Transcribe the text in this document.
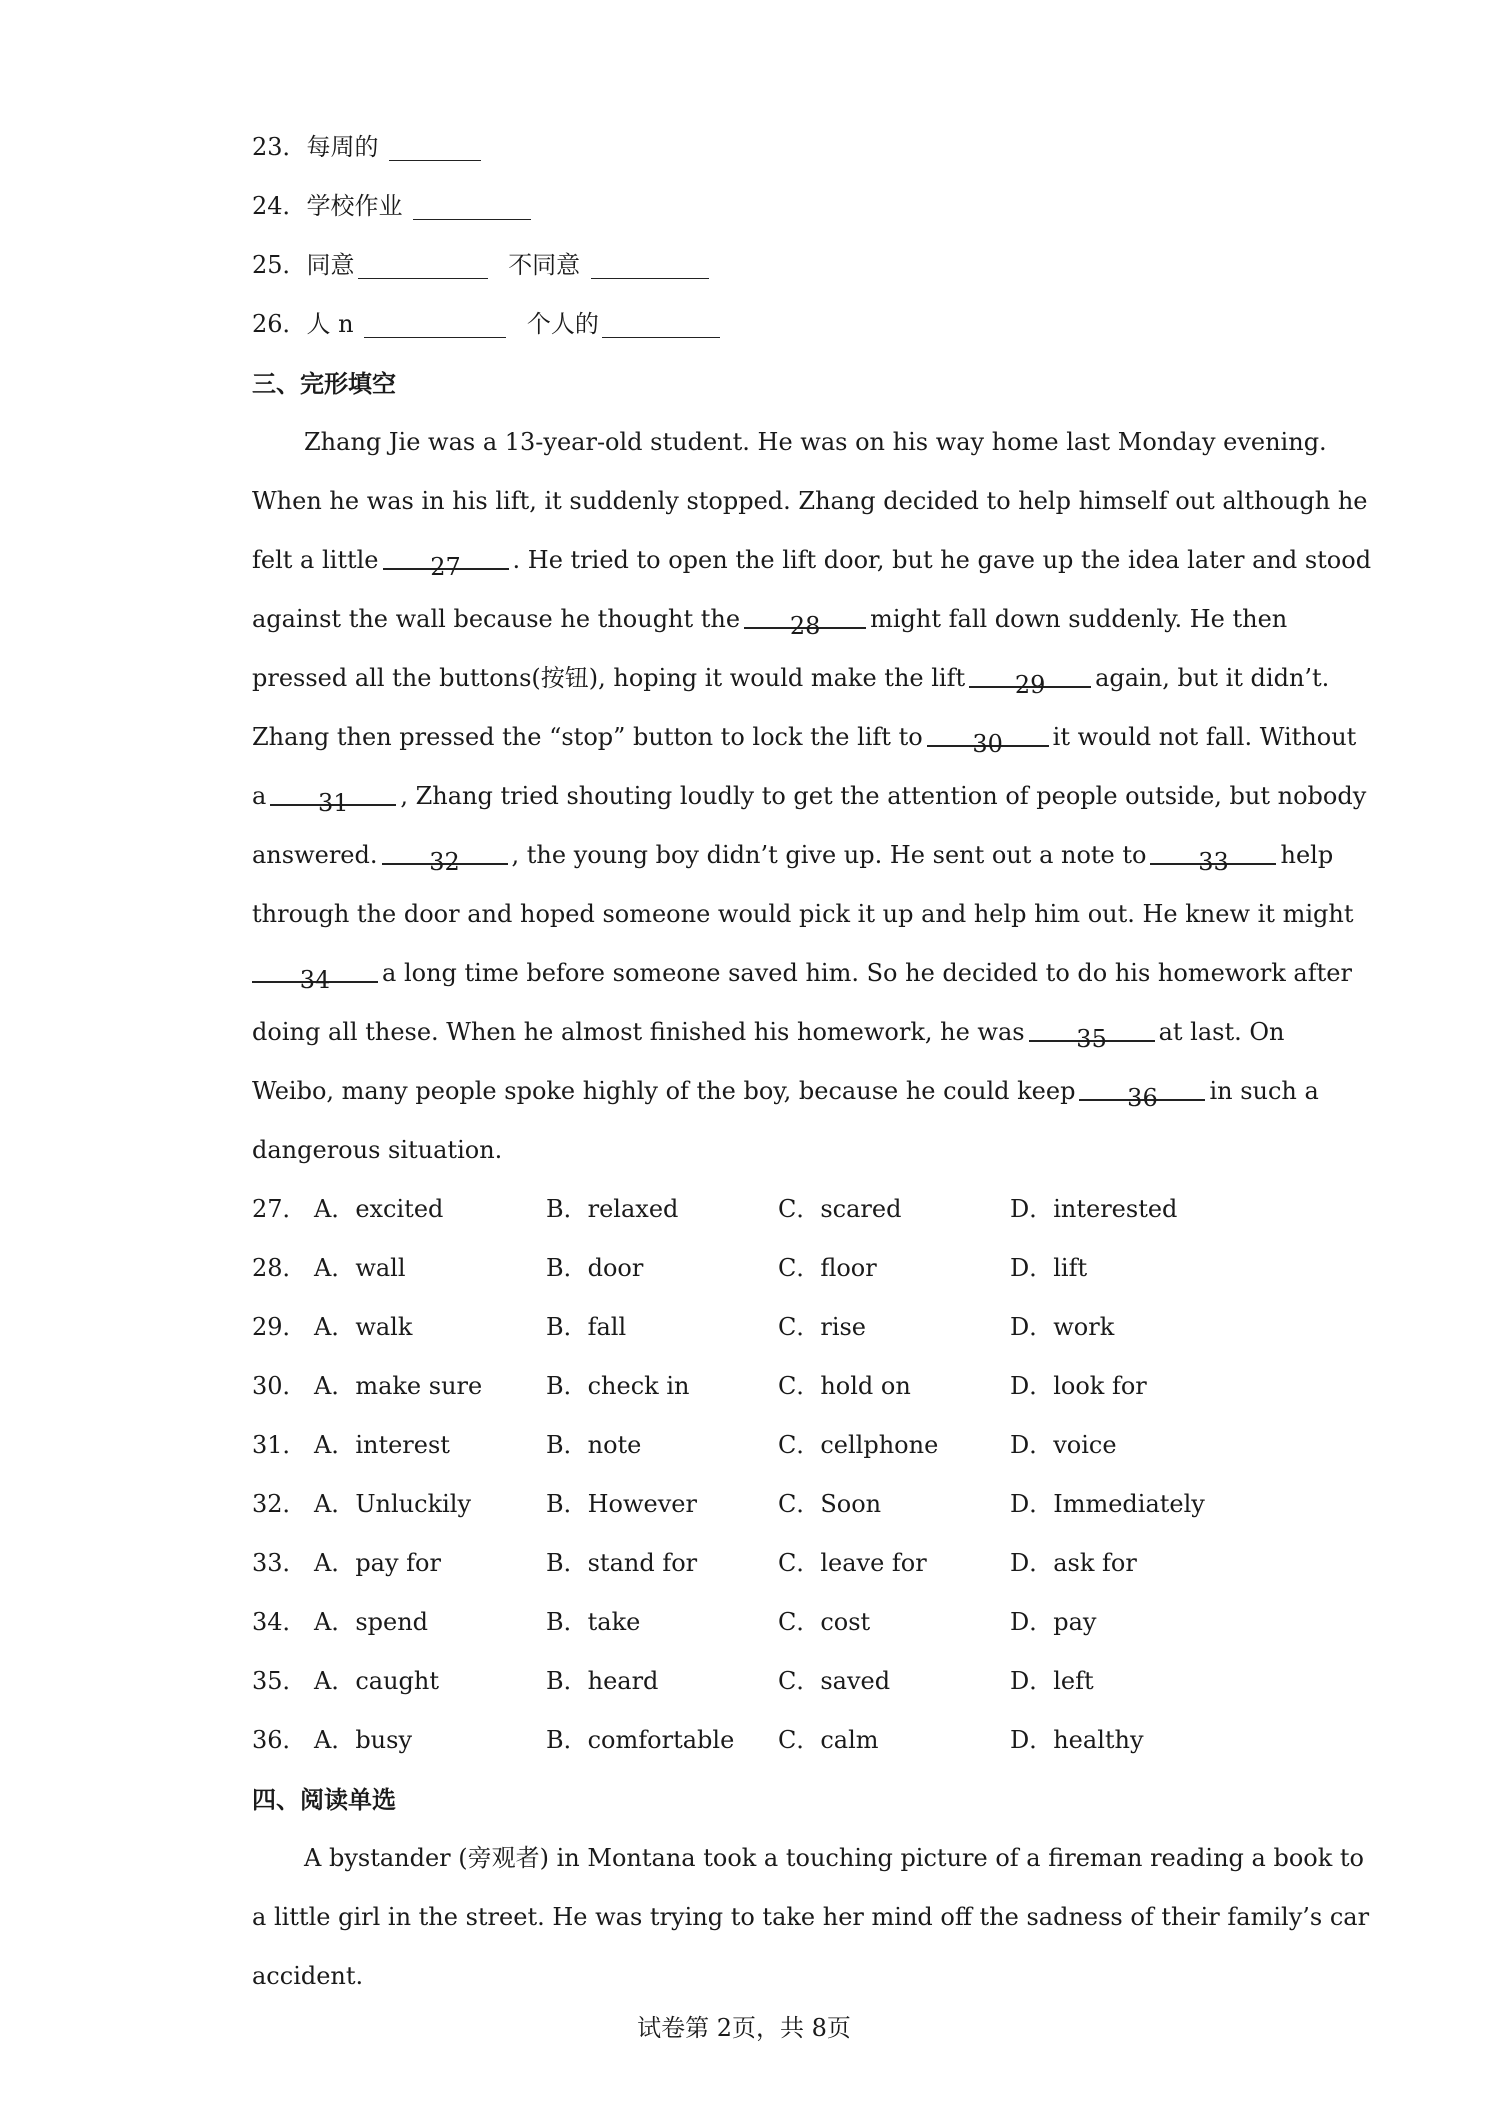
23．每周的
24．学校作业
25．同意	不同意
26．人 n	个人的
三、完形填空
Zhang Jie was a 13-year-old student. He was on his way home last Monday evening.
When he was in his lift, it suddenly stopped. Zhang decided to help himself out although he
felt a little 27 . He tried to open the lift door, but he gave up the idea later and stood
against the wall because he thought the 28 might fall down suddenly. He then
pressed all the buttons(按钮), hoping it would make the lift 29 again, but it didn’t.
Zhang then pressed the “stop” button to lock the lift to 30 it would not fall. Without
a 31 , Zhang tried shouting loudly to get the attention of people outside, but nobody
answered. 32 , the young boy didn’t give up. He sent out a note to 33 help
through the door and hoped someone would pick it up and help him out. He knew it might
34 a long time before someone saved him. So he decided to do his homework after
doing all these. When he almost finished his homework, he was 35 at last. On
Weibo, many people spoke highly of the boy, because he could keep 36 in such a
dangerous situation.
27． A．excited	B．relaxed	C．scared	D．interested
28． A．wall	B．door	C．floor	D．lift
29． A．walk	B．fall	C．rise	D．work
30． A．make sure	B．check in	C．hold on	D．look for
31． A．interest	B．note	C．cellphone	D．voice
32． A．Unluckily	B．However	C．Soon	D．Immediately
33． A．pay for	B．stand for	C．leave for	D．ask for
34． A．spend	B．take	C．cost	D．pay
35． A．caught	B．heard	C．saved	D．left
36． A．busy	B．comfortable	C．calm	D．healthy
四、阅读单选
A bystander (旁观者) in Montana took a touching picture of a fireman reading a book to
a little girl in the street. He was trying to take her mind off the sadness of their family’s car
accident.
试卷第 2页，共 8页
